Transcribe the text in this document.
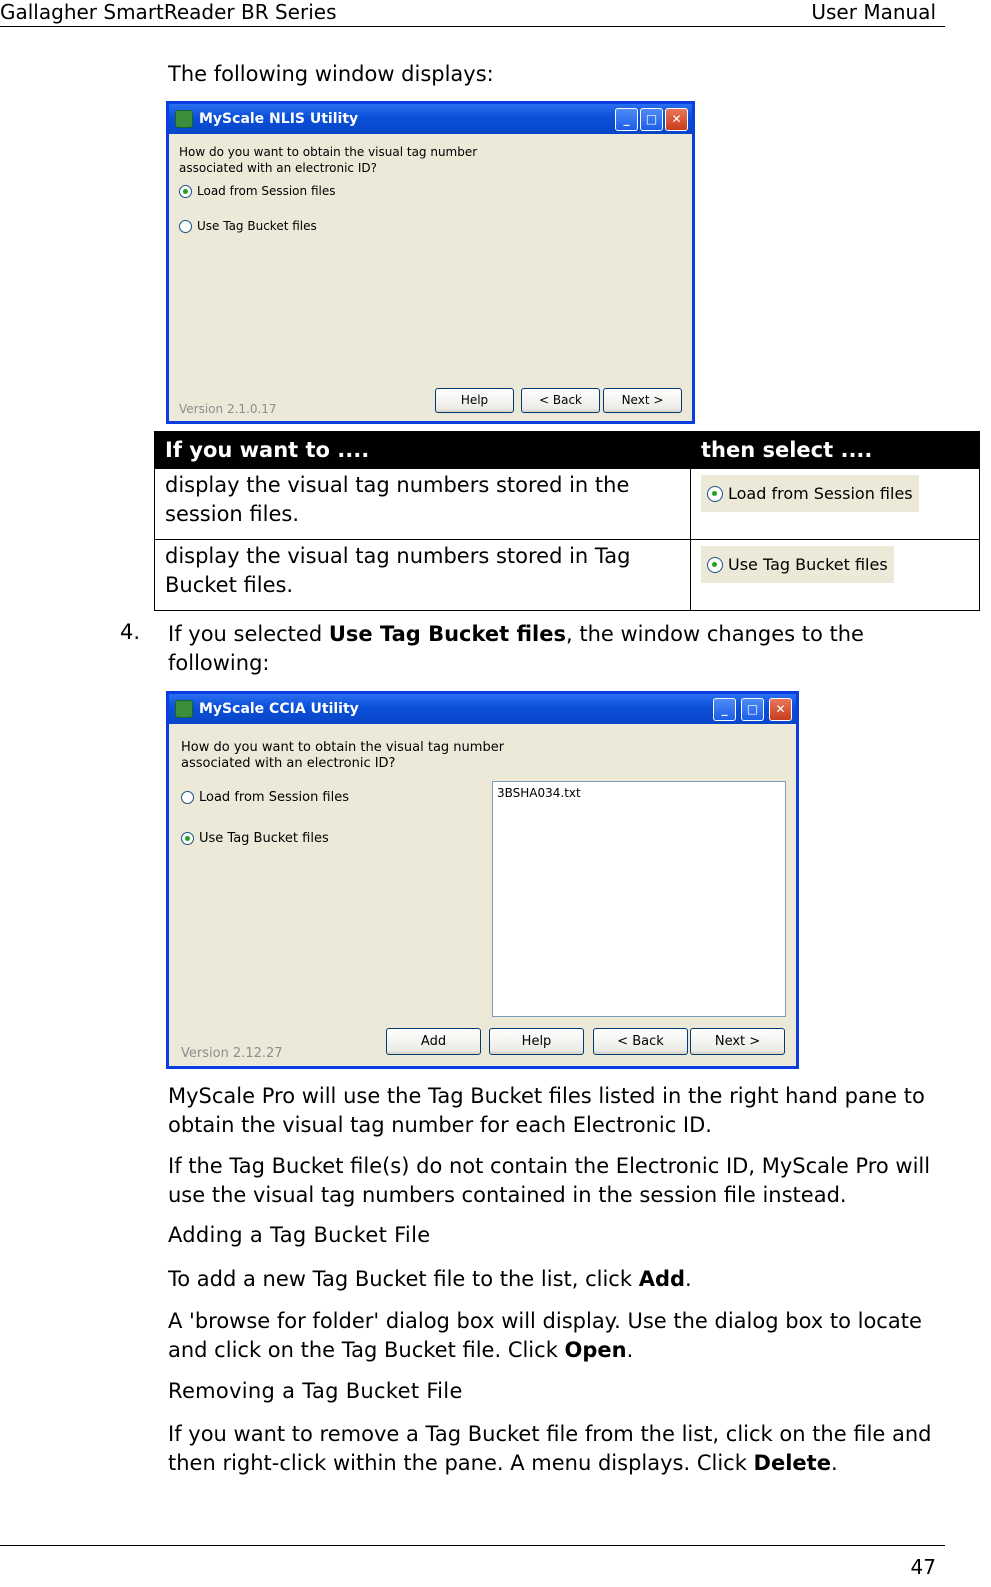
Gallagher SmartReader BR Series	User Manual
The following window displays:
MyScale NLIS Utility	_	□	✕
How do you want to obtain the visual tag number
associated with an electronic ID?
Load from Session files
Use Tag Bucket files
Version 2.1.0.17
Help	< Back	Next >
If you want to ....	then select ....
display the visual tag numbers stored in the session files.	Load from Session files

display the visual tag numbers stored in Tag Bucket files.	Use Tag Bucket files
4. If you selected Use Tag Bucket files, the window changes to the following:
MyScale CCIA Utility	_	□	✕
How do you want to obtain the visual tag number
associated with an electronic ID?
Load from Session files
Use Tag Bucket files
3BSHA034.txt
Version 2.12.27
Add	Help	< Back	Next >
MyScale Pro will use the Tag Bucket files listed in the right hand pane to obtain the visual tag number for each Electronic ID.
If the Tag Bucket file(s) do not contain the Electronic ID, MyScale Pro will use the visual tag numbers contained in the session file instead.
Adding a Tag Bucket File
To add a new Tag Bucket file to the list, click Add.
A 'browse for folder' dialog box will display. Use the dialog box to locate and click on the Tag Bucket file. Click Open.
Removing a Tag Bucket File
If you want to remove a Tag Bucket file from the list, click on the file and then right-click within the pane. A menu displays. Click Delete.
47
